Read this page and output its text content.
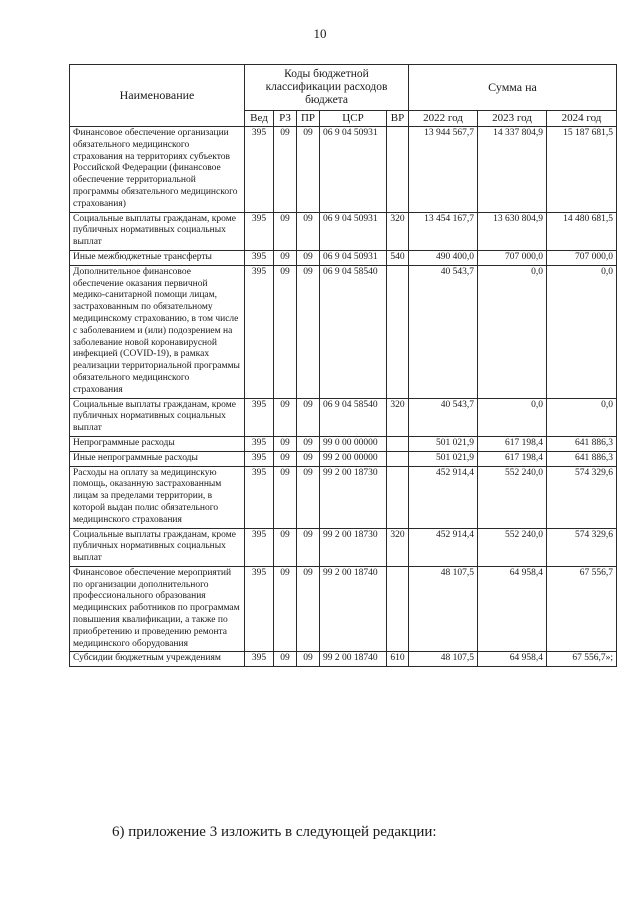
10
Наименование	Коды бюджетной классификации расходов бюджета					Сумма на		
	Вед	РЗ	ПР	ЦСР	ВР	2022 год	2023 год	2024 год
Финансовое обеспечение организации обязательного медицинского страхования на территориях субъектов Российской Федерации (финансовое обеспечение территориальной программы обязательного медицинского страхования)	395	09	09	06 9 04 50931		13 944 567,7	14 337 804,9	15 187 681,5
Социальные выплаты гражданам, кроме публичных нормативных социальных выплат	395	09	09	06 9 04 50931	320	13 454 167,7	13 630 804,9	14 480 681,5
Иные межбюджетные трансферты	395	09	09	06 9 04 50931	540	490 400,0	707 000,0	707 000,0
Дополнительное финансовое обеспечение оказания первичной медико-санитарной помощи лицам, застрахованным по обязательному медицинскому страхованию, в том числе с заболеванием и (или) подозрением на заболевание новой коронавирусной инфекцией (COVID-19), в рамках реализации территориальной программы обязательного медицинского страхования	395	09	09	06 9 04 58540		40 543,7	0,0	0,0
Социальные выплаты гражданам, кроме публичных нормативных социальных выплат	395	09	09	06 9 04 58540	320	40 543,7	0,0	0,0
Непрограммные расходы	395	09	09	99 0 00 00000		501 021,9	617 198,4	641 886,3
Иные непрограммные расходы	395	09	09	99 2 00 00000		501 021,9	617 198,4	641 886,3
Расходы на оплату за медицинскую помощь, оказанную застрахованным лицам за пределами территории, в которой выдан полис обязательного медицинского страхования	395	09	09	99 2 00 18730		452 914,4	552 240,0	574 329,6
Социальные выплаты гражданам, кроме публичных нормативных социальных выплат	395	09	09	99 2 00 18730	320	452 914,4	552 240,0	574 329,6
Финансовое обеспечение мероприятий по организации дополнительного профессионального образования медицинских работников по программам повышения квалификации, а также по приобретению и проведению ремонта медицинского оборудования	395	09	09	99 2 00 18740		48 107,5	64 958,4	67 556,7
Субсидии бюджетным учреждениям	395	09	09	99 2 00 18740	610	48 107,5	64 958,4	67 556,7»;
6) приложение 3 изложить в следующей редакции:
